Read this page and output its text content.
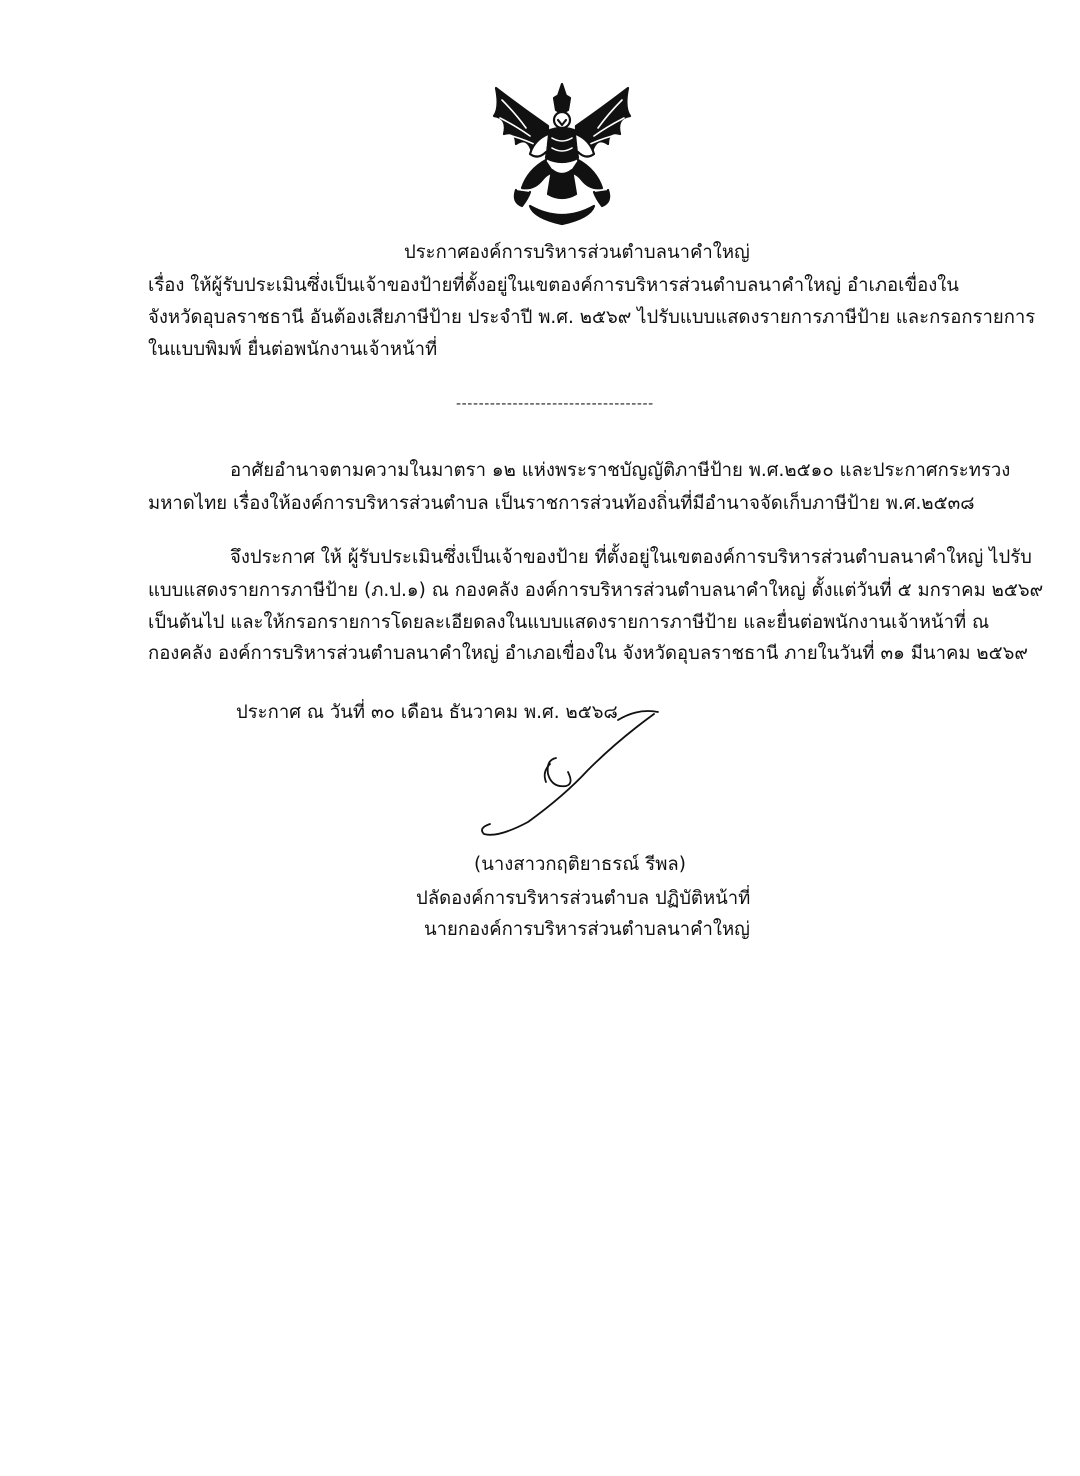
ประกาศองค์การบริหารส่วนตำบลนาคำใหญ่
เรื่อง ให้ผู้รับประเมินซึ่งเป็นเจ้าของป้ายที่ตั้งอยู่ในเขตองค์การบริหารส่วนตำบลนาคำใหญ่ อำเภอเขื่องใน
จังหวัดอุบลราชธานี อันต้องเสียภาษีป้าย ประจำปี พ.ศ. ๒๕๖๙ ไปรับแบบแสดงรายการภาษีป้าย และกรอกรายการ
ในแบบพิมพ์ ยื่นต่อพนักงานเจ้าหน้าที่
-----------------------------------
อาศัยอำนาจตามความในมาตรา ๑๒ แห่งพระราชบัญญัติภาษีป้าย พ.ศ.๒๕๑๐ และประกาศกระทรวง
มหาดไทย เรื่องให้องค์การบริหารส่วนตำบล เป็นราชการส่วนท้องถิ่นที่มีอำนาจจัดเก็บภาษีป้าย พ.ศ.๒๕๓๘
จึงประกาศ ให้ ผู้รับประเมินซึ่งเป็นเจ้าของป้าย ที่ตั้งอยู่ในเขตองค์การบริหารส่วนตำบลนาคำใหญ่ ไปรับ
แบบแสดงรายการภาษีป้าย (ภ.ป.๑) ณ กองคลัง องค์การบริหารส่วนตำบลนาคำใหญ่ ตั้งแต่วันที่ ๕ มกราคม ๒๕๖๙
เป็นต้นไป และให้กรอกรายการโดยละเอียดลงในแบบแสดงรายการภาษีป้าย และยื่นต่อพนักงานเจ้าหน้าที่ ณ
กองคลัง องค์การบริหารส่วนตำบลนาคำใหญ่ อำเภอเขื่องใน จังหวัดอุบลราชธานี ภายในวันที่ ๓๑ มีนาคม ๒๕๖๙
ประกาศ ณ วันที่ ๓๐ เดือน ธันวาคม พ.ศ. ๒๕๖๘
(นางสาวกฤติยาธรณ์ รีพล)
ปลัดองค์การบริหารส่วนตำบล ปฏิบัติหน้าที่
นายกองค์การบริหารส่วนตำบลนาคำใหญ่
